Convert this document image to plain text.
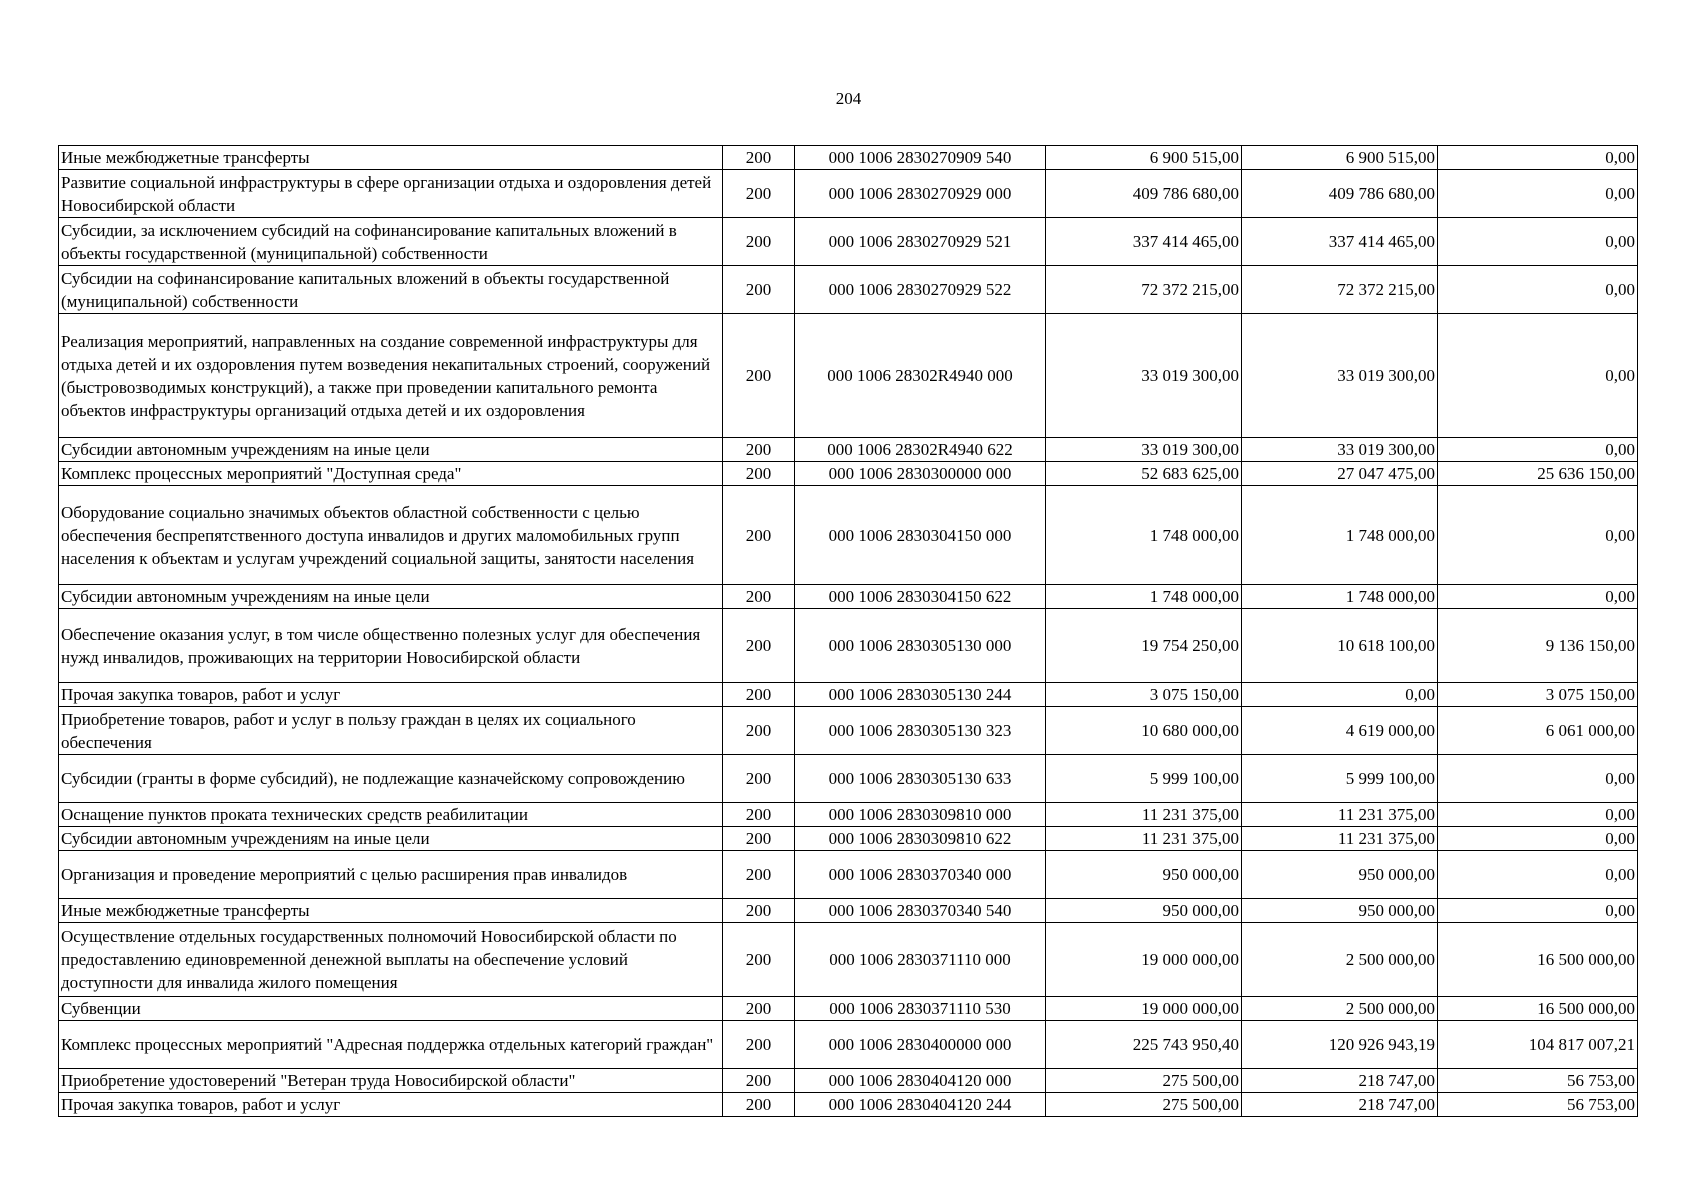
204
Иные межбюджетные трансферты	200	000 1006 2830270909 540	6 900 515,00	6 900 515,00	0,00
Развитие социальной инфраструктуры в сфере организации отдыха и оздоровления детей Новосибирской области	200	000 1006 2830270929 000	409 786 680,00	409 786 680,00	0,00
Субсидии, за исключением субсидий на софинансирование капитальных вложений в объекты государственной (муниципальной) собственности	200	000 1006 2830270929 521	337 414 465,00	337 414 465,00	0,00
Субсидии на софинансирование капитальных вложений в объекты государственной (муниципальной) собственности	200	000 1006 2830270929 522	72 372 215,00	72 372 215,00	0,00
Реализация мероприятий, направленных на создание современной инфраструктуры для отдыха детей и их оздоровления путем возведения некапитальных строений, сооружений (быстровозводимых конструкций), а также при проведении капитального ремонта объектов инфраструктуры организаций отдыха детей и их оздоровления	200	000 1006 28302R4940 000	33 019 300,00	33 019 300,00	0,00
Субсидии автономным учреждениям на иные цели	200	000 1006 28302R4940 622	33 019 300,00	33 019 300,00	0,00
Комплекс процессных мероприятий "Доступная среда"	200	000 1006 2830300000 000	52 683 625,00	27 047 475,00	25 636 150,00
Оборудование социально значимых объектов областной собственности с целью обеспечения беспрепятственного доступа инвалидов и других маломобильных групп населения к объектам и услугам учреждений социальной защиты, занятости населения	200	000 1006 2830304150 000	1 748 000,00	1 748 000,00	0,00
Субсидии автономным учреждениям на иные цели	200	000 1006 2830304150 622	1 748 000,00	1 748 000,00	0,00
Обеспечение оказания услуг, в том числе общественно полезных услуг для обеспечения нужд инвалидов, проживающих на территории Новосибирской области	200	000 1006 2830305130 000	19 754 250,00	10 618 100,00	9 136 150,00
Прочая закупка товаров, работ и услуг	200	000 1006 2830305130 244	3 075 150,00	0,00	3 075 150,00
Приобретение товаров, работ и услуг в пользу граждан в целях их социального обеспечения	200	000 1006 2830305130 323	10 680 000,00	4 619 000,00	6 061 000,00
Субсидии (гранты в форме субсидий), не подлежащие казначейскому сопровождению	200	000 1006 2830305130 633	5 999 100,00	5 999 100,00	0,00
Оснащение пунктов проката технических средств реабилитации	200	000 1006 2830309810 000	11 231 375,00	11 231 375,00	0,00
Субсидии автономным учреждениям на иные цели	200	000 1006 2830309810 622	11 231 375,00	11 231 375,00	0,00
Организация и проведение мероприятий с целью расширения прав инвалидов	200	000 1006 2830370340 000	950 000,00	950 000,00	0,00
Иные межбюджетные трансферты	200	000 1006 2830370340 540	950 000,00	950 000,00	0,00
Осуществление отдельных государственных полномочий Новосибирской области по предоставлению единовременной денежной выплаты на обеспечение условий доступности для инвалида жилого помещения	200	000 1006 2830371110 000	19 000 000,00	2 500 000,00	16 500 000,00
Субвенции	200	000 1006 2830371110 530	19 000 000,00	2 500 000,00	16 500 000,00
Комплекс процессных мероприятий "Адресная поддержка отдельных категорий граждан"	200	000 1006 2830400000 000	225 743 950,40	120 926 943,19	104 817 007,21
Приобретение удостоверений "Ветеран труда Новосибирской области"	200	000 1006 2830404120 000	275 500,00	218 747,00	56 753,00
Прочая закупка товаров, работ и услуг	200	000 1006 2830404120 244	275 500,00	218 747,00	56 753,00
